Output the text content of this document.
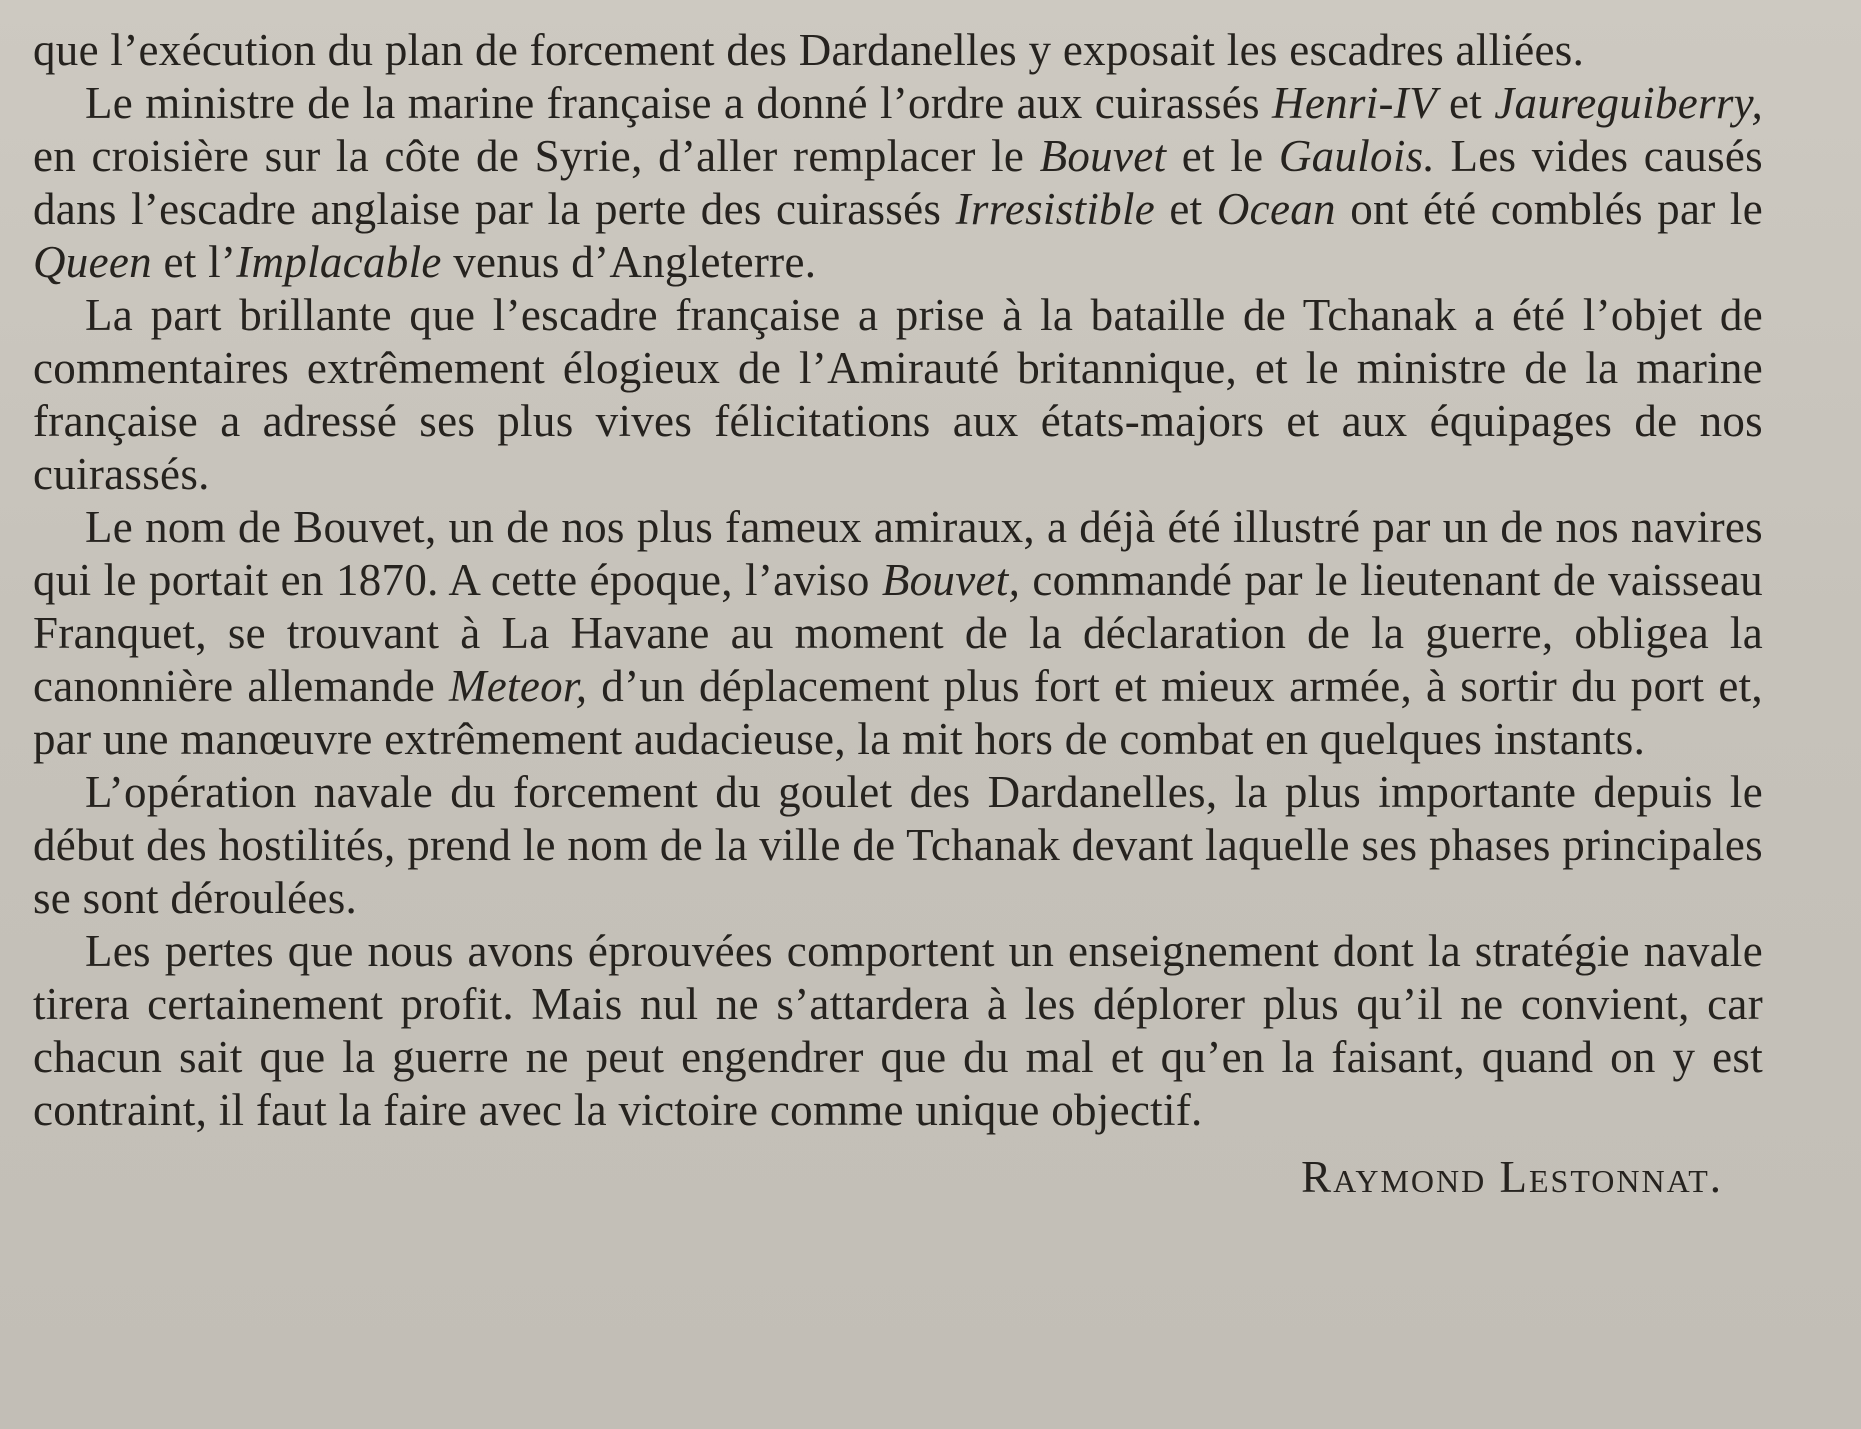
que l’exécution du plan de forcement des Dardanelles y exposait les escadres alliées.

Le ministre de la marine française a donné l’ordre aux cuirassés Henri-IV et Jaureguiberry, en croisière sur la côte de Syrie, d’aller remplacer le Bouvet et le Gaulois. Les vides causés dans l’escadre anglaise par la perte des cuirassés Irresistible et Ocean ont été comblés par le Queen et l’Implacable venus d’Angleterre.

La part brillante que l’escadre française a prise à la bataille de Tchanak a été l’objet de commentaires extrêmement élogieux de l’Amirauté britannique, et le ministre de la marine française a adressé ses plus vives félicitations aux états-majors et aux équipages de nos cuirassés.

Le nom de Bouvet, un de nos plus fameux amiraux, a déjà été illustré par un de nos navires qui le portait en 1870. A cette époque, l’aviso Bouvet, commandé par le lieutenant de vaisseau Franquet, se trouvant à La Havane au moment de la déclaration de la guerre, obligea la canonnière allemande Meteor, d’un déplacement plus fort et mieux armée, à sortir du port et, par une manœuvre extrêmement audacieuse, la mit hors de combat en quelques instants.

L’opération navale du forcement du goulet des Dardanelles, la plus importante depuis le début des hostilités, prend le nom de la ville de Tchanak devant laquelle ses phases principales se sont déroulées.

Les pertes que nous avons éprouvées comportent un enseignement dont la stratégie navale tirera certainement profit. Mais nul ne s’attardera à les déplorer plus qu’il ne convient, car chacun sait que la guerre ne peut engendrer que du mal et qu’en la faisant, quand on y est contraint, il faut la faire avec la victoire comme unique objectif.

Raymond Lestonnat.
